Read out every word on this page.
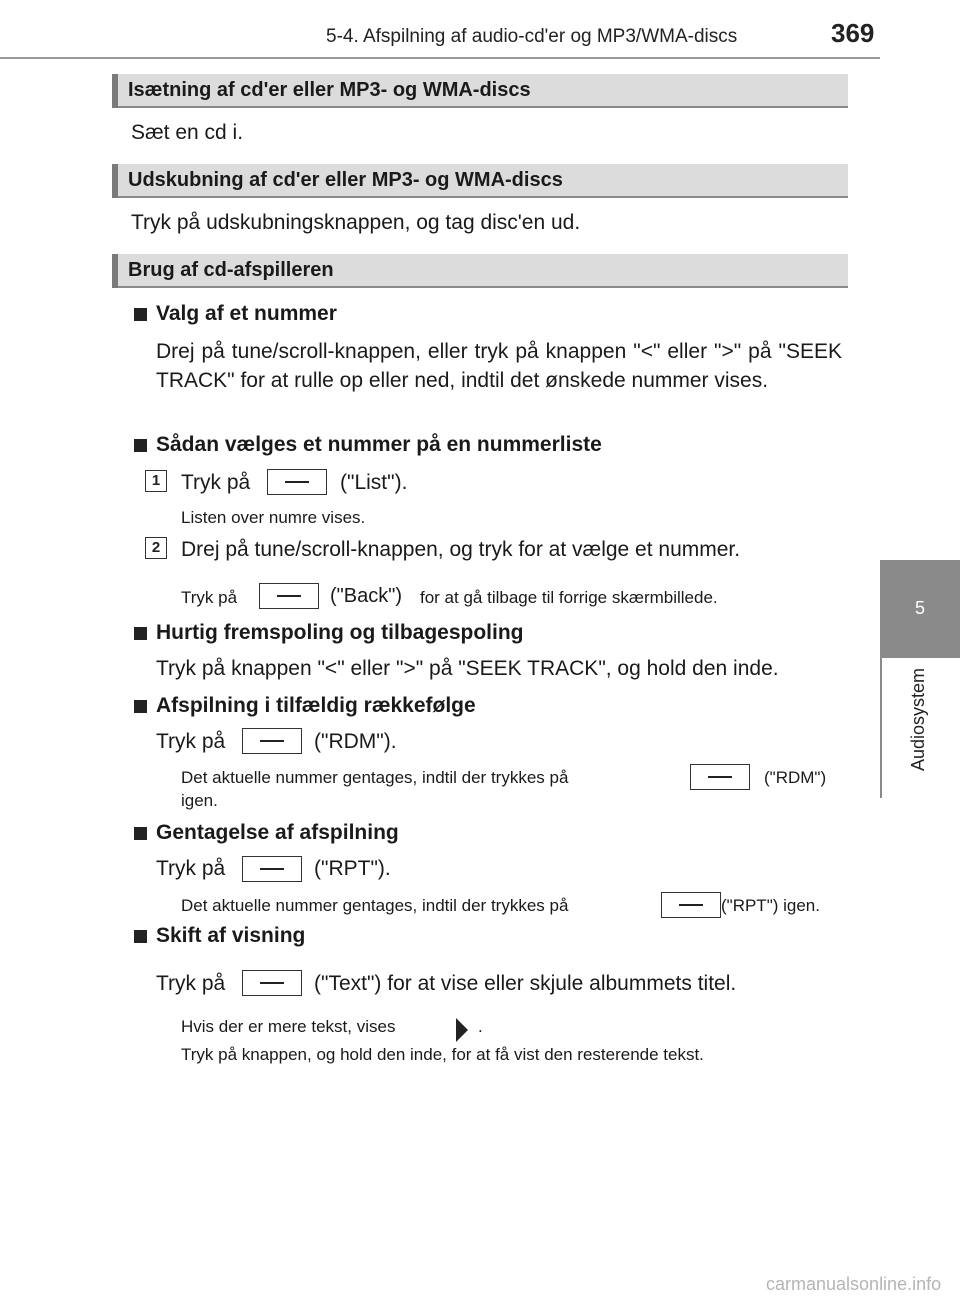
5-4. Afspilning af audio-cd'er og MP3/WMA-discs	369
5
Audiosystem
Isætning af cd'er eller MP3- og WMA-discs
Sæt en cd i.
Udskubning af cd'er eller MP3- og WMA-discs
Tryk på udskubningsknappen, og tag disc'en ud.
Brug af cd-afspilleren
Valg af et nummer
Drej på tune/scroll-knappen, eller tryk på knappen "<" eller ">" på "SEEK TRACK" for at rulle op eller ned, indtil det ønskede nummer vises.
Sådan vælges et nummer på en nummerliste
1 Tryk på	("List").
Listen over numre vises.
2 Drej på tune/scroll-knappen, og tryk for at vælge et nummer.
Tryk på	("Back") for at gå tilbage til forrige skærmbillede.
Hurtig fremspoling og tilbagespoling
Tryk på knappen "<" eller ">" på "SEEK TRACK", og hold den inde.
Afspilning i tilfældig rækkefølge
Tryk på	("RDM").
Det aktuelle nummer gentages, indtil der trykkes på	("RDM")
igen.
Gentagelse af afspilning
Tryk på	("RPT").
Det aktuelle nummer gentages, indtil der trykkes på	("RPT") igen.
Skift af visning
Tryk på	("Text") for at vise eller skjule albummets titel.
Hvis der er mere tekst, vises	.
Tryk på knappen, og hold den inde, for at få vist den resterende tekst.
carmanualsonline.info
